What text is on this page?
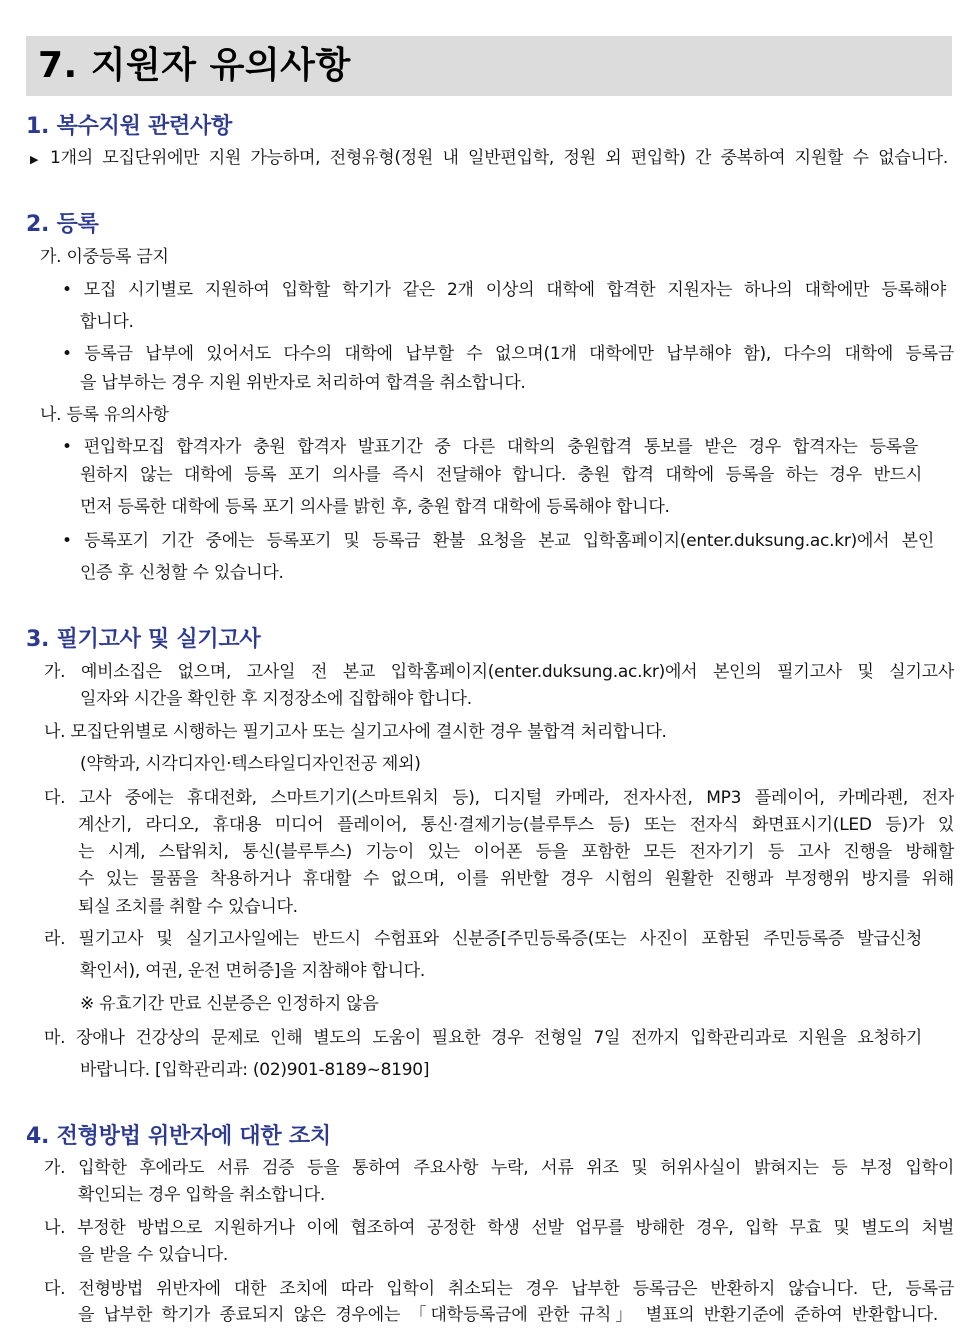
7. 지원자 유의사항
1. 복수지원 관련사항
▶ 1개의 모집단위에만 지원 가능하며, 전형유형(정원 내 일반편입학, 정원 외 편입학) 간 중복하여 지원할 수 없습니다.
2. 등록
가. 이중등록 금지
• 모집 시기별로 지원하여 입학할 학기가 같은 2개 이상의 대학에 합격한 지원자는 하나의 대학에만 등록해야
합니다.
• 등록금 납부에 있어서도 다수의 대학에 납부할 수 없으며(1개 대학에만 납부해야 함), 다수의 대학에 등록금
을 납부하는 경우 지원 위반자로 처리하여 합격을 취소합니다.
나. 등록 유의사항
• 편입학모집 합격자가 충원 합격자 발표기간 중 다른 대학의 충원합격 통보를 받은 경우 합격자는 등록을
원하지 않는 대학에 등록 포기 의사를 즉시 전달해야 합니다. 충원 합격 대학에 등록을 하는 경우 반드시
먼저 등록한 대학에 등록 포기 의사를 밝힌 후, 충원 합격 대학에 등록해야 합니다.
• 등록포기 기간 중에는 등록포기 및 등록금 환불 요청을 본교 입학홈페이지(enter.duksung.ac.kr)에서 본인
인증 후 신청할 수 있습니다.
3. 필기고사 및 실기고사
가. 예비소집은 없으며, 고사일 전 본교 입학홈페이지(enter.duksung.ac.kr)에서 본인의 필기고사 및 실기고사
일자와 시간을 확인한 후 지정장소에 집합해야 합니다.
나. 모집단위별로 시행하는 필기고사 또는 실기고사에 결시한 경우 불합격 처리합니다.
(약학과, 시각디자인·텍스타일디자인전공 제외)
다. 고사 중에는 휴대전화, 스마트기기(스마트워치 등), 디지털 카메라, 전자사전, MP3 플레이어, 카메라펜, 전자
계산기, 라디오, 휴대용 미디어 플레이어, 통신·결제기능(블루투스 등) 또는 전자식 화면표시기(LED 등)가 있
는 시계, 스탑워치, 통신(블루투스) 기능이 있는 이어폰 등을 포함한 모든 전자기기 등 고사 진행을 방해할
수 있는 물품을 착용하거나 휴대할 수 없으며, 이를 위반할 경우 시험의 원활한 진행과 부정행위 방지를 위해
퇴실 조치를 취할 수 있습니다.
라. 필기고사 및 실기고사일에는 반드시 수험표와 신분증[주민등록증(또는 사진이 포함된 주민등록증 발급신청
확인서), 여권, 운전 면허증]을 지참해야 합니다.
※ 유효기간 만료 신분증은 인정하지 않음
마. 장애나 건강상의 문제로 인해 별도의 도움이 필요한 경우 전형일 7일 전까지 입학관리과로 지원을 요청하기
바랍니다. [입학관리과: (02)901-8189~8190]
4. 전형방법 위반자에 대한 조치
가. 입학한 후에라도 서류 검증 등을 통하여 주요사항 누락, 서류 위조 및 허위사실이 밝혀지는 등 부정 입학이
확인되는 경우 입학을 취소합니다.
나. 부정한 방법으로 지원하거나 이에 협조하여 공정한 학생 선발 업무를 방해한 경우, 입학 무효 및 별도의 처벌
을 받을 수 있습니다.
다. 전형방법 위반자에 대한 조치에 따라 입학이 취소되는 경우 납부한 등록금은 반환하지 않습니다. 단, 등록금
을 납부한 학기가 종료되지 않은 경우에는 「대학등록금에 관한 규칙」 별표의 반환기준에 준하여 반환합니다.
